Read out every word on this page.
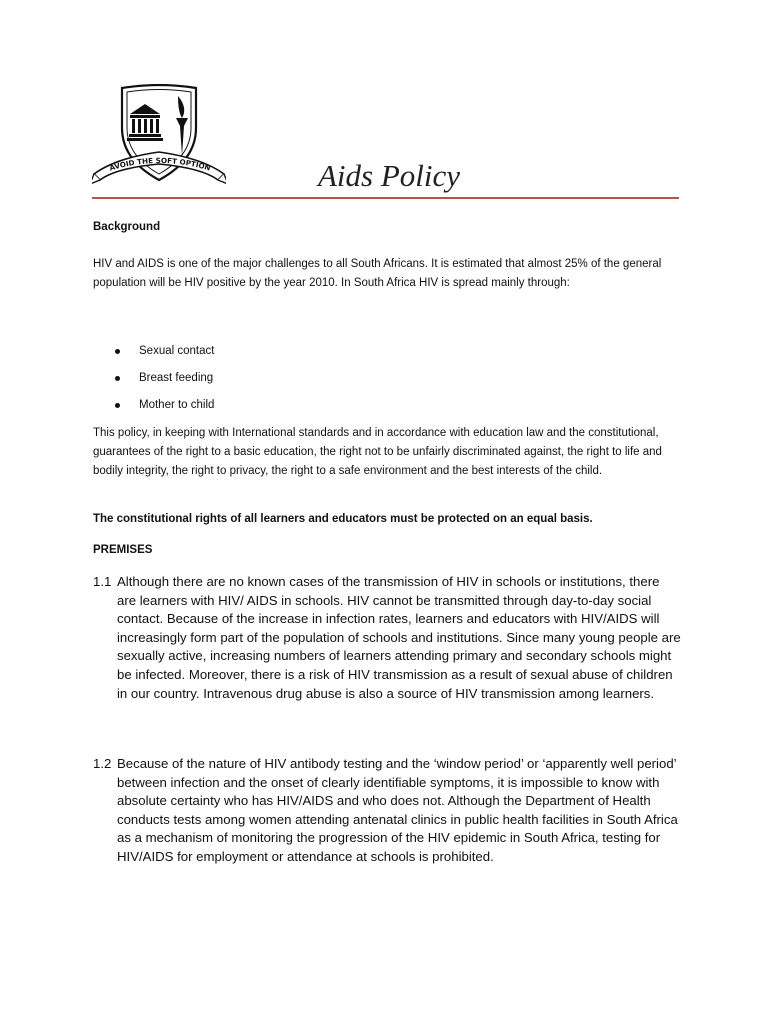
AVOID THE SOFT OPTION	Aids Policy
Background
HIV and AIDS is one of the major challenges to all South Africans. It is estimated that almost 25% of the general population will be HIV positive by the year 2010. In South Africa HIV is spread mainly through:
Sexual contact
Breast feeding
Mother to child
This policy, in keeping with International standards and in accordance with education law and the constitutional, guarantees of the right to a basic education, the right not to be unfairly discriminated against, the right to life and bodily integrity, the right to privacy, the right to a safe environment and the best interests of the child.
The constitutional rights of all learners and educators must be protected on an equal basis.
PREMISES
1.1 Although there are no known cases of the transmission of HIV in schools or institutions, there
are learners with HIV/ AIDS in schools. HIV cannot be transmitted through day-to-day social contact. Because of the increase in infection rates, learners and educators with HIV/AIDS will increasingly form part of the population of schools and institutions. Since many young people are sexually active, increasing numbers of learners attending primary and secondary schools might be infected. Moreover, there is a risk of HIV transmission as a result of sexual abuse of children in our country. Intravenous drug abuse is also a source of HIV transmission among learners.
1.2 Because of the nature of HIV antibody testing and the ‘window period’ or ‘apparently well period’ between infection and the onset of clearly identifiable symptoms, it is impossible to know with absolute certainty who has HIV/AIDS and who does not. Although the Department of Health conducts tests among women attending antenatal clinics in public health facilities in South Africa as a mechanism of monitoring the progression of the HIV epidemic in South Africa, testing for HIV/AIDS for employment or attendance at schools is prohibited.
